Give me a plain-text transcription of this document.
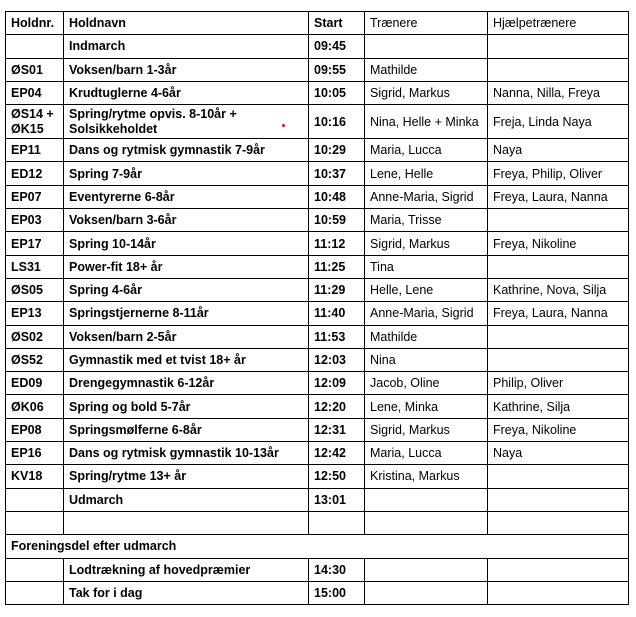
Holdnr.	Holdnavn	Start	Trænere	Hjælpetrænere
	Indmarch	09:45		
ØS01	Voksen/barn 1-3år	09:55	Mathilde	
EP04	Krudtuglerne 4-6år	10:05	Sigrid, Markus	Nanna, Nilla, Freya
ØS14 + ØK15	Spring/rytme opvis. 8-10år + Solsikkeholdet	10:16	Nina, Helle + Minka	Freja, Linda Naya
EP11	Dans og rytmisk gymnastik 7-9år	10:29	Maria, Lucca	Naya
ED12	Spring 7-9år	10:37	Lene, Helle	Freya, Philip, Oliver
EP07	Eventyrerne 6-8år	10:48	Anne-Maria, Sigrid	Freya, Laura, Nanna
EP03	Voksen/barn 3-6år	10:59	Maria, Trisse	
EP17	Spring 10-14år	11:12	Sigrid, Markus	Freya, Nikoline
LS31	Power-fit 18+ år	11:25	Tina	
ØS05	Spring 4-6år	11:29	Helle, Lene	Kathrine, Nova, Silja
EP13	Springstjernerne 8-11år	11:40	Anne-Maria, Sigrid	Freya, Laura, Nanna
ØS02	Voksen/barn 2-5år	11:53	Mathilde	
ØS52	Gymnastik med et tvist 18+ år	12:03	Nina	
ED09	Drengegymnastik 6-12år	12:09	Jacob, Oline	Philip, Oliver
ØK06	Spring og bold 5-7år	12:20	Lene, Minka	Kathrine, Silja
EP08	Springsmølferne 6-8år	12:31	Sigrid, Markus	Freya, Nikoline
EP16	Dans og rytmisk gymnastik 10-13år	12:42	Maria, Lucca	Naya
KV18	Spring/rytme 13+ år	12:50	Kristina, Markus	
	Udmarch	13:01		

Foreningsdel efter udmarch				
	Lodtrækning af hovedpræmier	14:30		
	Tak for i dag	15:00		
